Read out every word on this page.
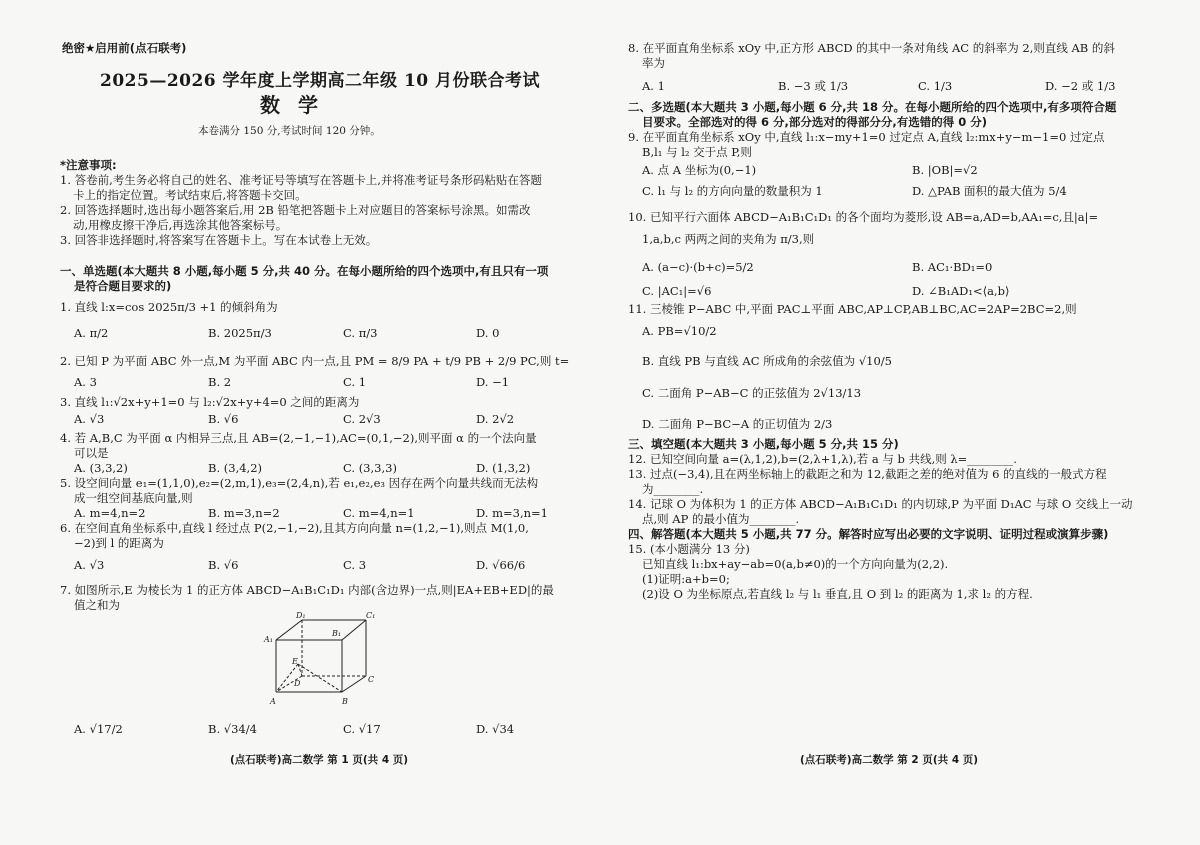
绝密★启用前(点石联考)
2025—2026 学年度上学期高二年级 10 月份联合考试
数学
本卷满分 150 分,考试时间 120 分钟。
*注意事项:
1. 答卷前,考生务必将自己的姓名、准考证号等填写在答题卡上,并将准考证号条形码粘贴在答题
卡上的指定位置。考试结束后,将答题卡交回。
2. 回答选择题时,选出每小题答案后,用 2B 铅笔把答题卡上对应题目的答案标号涂黑。如需改
动,用橡皮擦干净后,再选涂其他答案标号。
3. 回答非选择题时,将答案写在答题卡上。写在本试卷上无效。
一、单选题(本大题共 8 小题,每小题 5 分,共 40 分。在每小题所给的四个选项中,有且只有一项
是符合题目要求的)
1. 直线 l:x=cos 2025π/3 +1 的倾斜角为
A. π/2	B. 2025π/3	C. π/3	D. 0
2. 已知 P 为平面 ABC 外一点,M 为平面 ABC 内一点,且 PM = 8/9 PA + t/9 PB + 2/9 PC,则 t=
A. 3	B. 2	C. 1	D. −1
3. 直线 l₁:√2x+y+1=0 与 l₂:√2x+y+4=0 之间的距离为
A. √3	B. √6	C. 2√3	D. 2√2
4. 若 A,B,C 为平面 α 内相异三点,且 AB=(2,−1,−1),AC=(0,1,−2),则平面 α 的一个法向量
可以是
A. (3,3,2)	B. (3,4,2)	C. (3,3,3)	D. (1,3,2)
5. 设空间向量 e₁=(1,1,0),e₂=(2,m,1),e₃=(2,4,n),若 e₁,e₂,e₃ 因存在两个向量共线而无法构
成一组空间基底向量,则
A. m=4,n=2	B. m=3,n=2	C. m=4,n=1	D. m=3,n=1
6. 在空间直角坐标系中,直线 l 经过点 P(2,−1,−2),且其方向向量 n=(1,2,−1),则点 M(1,0,
−2)到 l 的距离为
A. √3	B. √6	C. 3	D. √66/6
7. 如图所示,E 为棱长为 1 的正方体 ABCD−A₁B₁C₁D₁ 内部(含边界)一点,则|EA+EB+ED|的最
值之和为
D₁	C₁
A₁
B₁
E
D	C
A	B
A. √17/2	B. √34/4	C. √17	D. √34
(点石联考)高二数学 第 1 页(共 4 页)
8. 在平面直角坐标系 xOy 中,正方形 ABCD 的其中一条对角线 AC 的斜率为 2,则直线 AB 的斜
率为
A. 1	B. −3 或 1/3	C. 1/3	D. −2 或 1/3
二、多选题(本大题共 3 小题,每小题 6 分,共 18 分。在每小题所给的四个选项中,有多项符合题
目要求。全部选对的得 6 分,部分选对的得部分分,有选错的得 0 分)
9. 在平面直角坐标系 xOy 中,直线 l₁:x−my+1=0 过定点 A,直线 l₂:mx+y−m−1=0 过定点
B,l₁ 与 l₂ 交于点 P,则
A. 点 A 坐标为(0,−1)	B. |OB|=√2
C. l₁ 与 l₂ 的方向向量的数量积为 1	D. △PAB 面积的最大值为 5/4
10. 已知平行六面体 ABCD−A₁B₁C₁D₁ 的各个面均为菱形,设 AB=a,AD=b,AA₁=c,且|a|=
1,a,b,c 两两之间的夹角为 π/3,则
A. (a−c)·(b+c)=5/2	B. AC₁·BD₁=0
C. |AC₁|=√6	D. ∠B₁AD₁<⟨a,b⟩
11. 三棱锥 P−ABC 中,平面 PAC⊥平面 ABC,AP⊥CP,AB⊥BC,AC=2AP=2BC=2,则
A. PB=√10/2
B. 直线 PB 与直线 AC 所成角的余弦值为 √10/5
C. 二面角 P−AB−C 的正弦值为 2√13/13
D. 二面角 P−BC−A 的正切值为 2/3
三、填空题(本大题共 3 小题,每小题 5 分,共 15 分)
12. 已知空间向量 a=(λ,1,2),b=(2,λ+1,λ),若 a 与 b 共线,则 λ=________.
13. 过点(−3,4),且在两坐标轴上的截距之和为 12,截距之差的绝对值为 6 的直线的一般式方程
为________.
14. 记球 O 为体积为 1 的正方体 ABCD−A₁B₁C₁D₁ 的内切球,P 为平面 D₁AC 与球 O 交线上一动
点,则 AP 的最小值为________.
四、解答题(本大题共 5 小题,共 77 分。解答时应写出必要的文字说明、证明过程或演算步骤)
15. (本小题满分 13 分)
已知直线 l₁:bx+ay−ab=0(a,b≠0)的一个方向向量为(2,2).
(1)证明:a+b=0;
(2)设 O 为坐标原点,若直线 l₂ 与 l₁ 垂直,且 O 到 l₂ 的距离为 1,求 l₂ 的方程.
(点石联考)高二数学 第 2 页(共 4 页)
